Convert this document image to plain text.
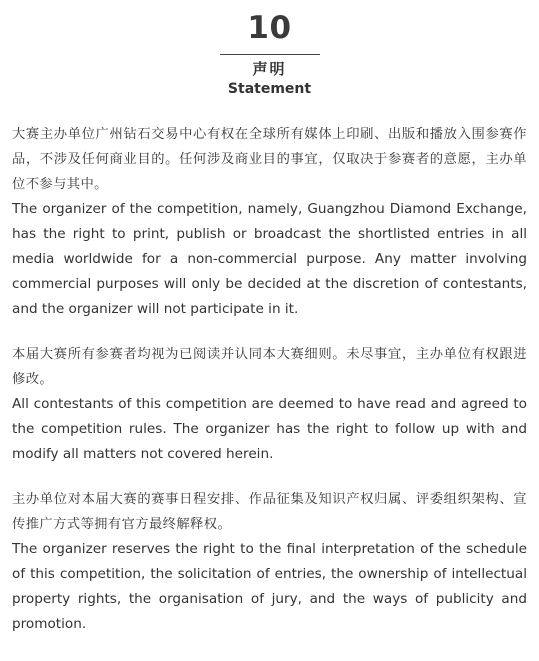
10
声明
Statement

大赛主办单位广州钻石交易中心有权在全球所有媒体上印刷、出版和播放入围参赛作品，不涉及任何商业目的。任何涉及商业目的事宜，仅取决于参赛者的意愿，主办单位不参与其中。

The organizer of the competition, namely, Guangzhou Diamond Exchange, has the right to print, publish or broadcast the shortlisted entries in all media worldwide for a non-commercial purpose. Any matter involving commercial purposes will only be decided at the discretion of contestants, and the organizer will not participate in it.

本届大赛所有参赛者均视为已阅读并认同本大赛细则。未尽事宜，主办单位有权跟进修改。

All contestants of this competition are deemed to have read and agreed to the competition rules. The organizer has the right to follow up with and modify all matters not covered herein.

主办单位对本届大赛的赛事日程安排、作品征集及知识产权归属、评委组织架构、宣传推广方式等拥有官方最终解释权。

The organizer reserves the right to the final interpretation of the schedule of this competition, the solicitation of entries, the ownership of intellectual property rights, the organisation of jury, and the ways of publicity and promotion.
